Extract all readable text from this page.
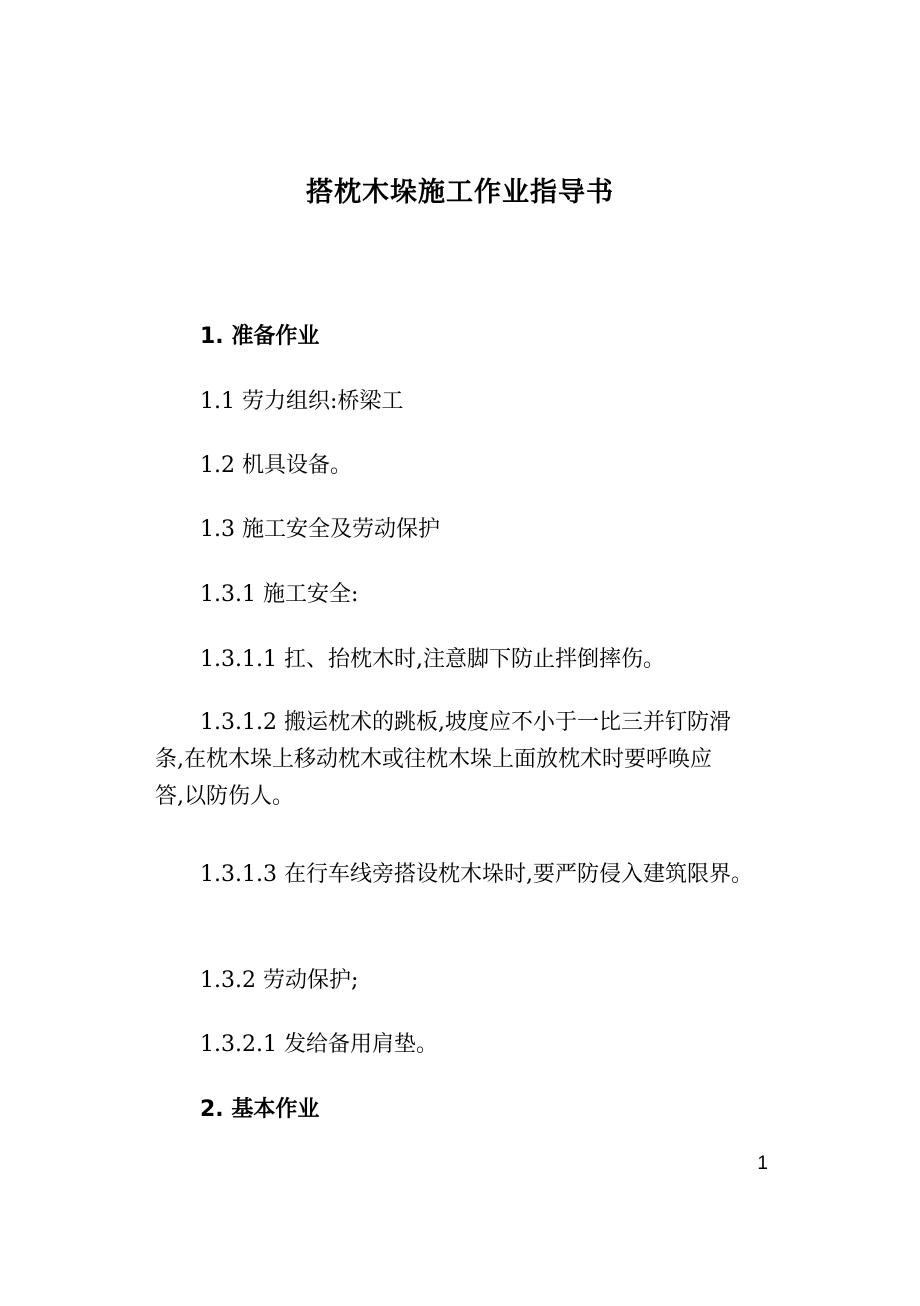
搭枕木垛施工作业指导书
1. 准备作业
1.1 劳力组织:桥梁工
1.2 机具设备。
1.3 施工安全及劳动保护
1.3.1 施工安全:
1.3.1.1 扛、抬枕木时,注意脚下防止拌倒摔伤。
1.3.1.2 搬运枕术的跳板,坡度应不小于一比三并钉防滑
条,在枕木垛上移动枕木或往枕木垛上面放枕术时要呼唤应
答,以防伤人。
1.3.1.3 在行车线旁搭设枕木垛时,要严防侵入建筑限界。
1.3.2 劳动保护;
1.3.2.1 发给备用肩垫。
2. 基本作业
1
